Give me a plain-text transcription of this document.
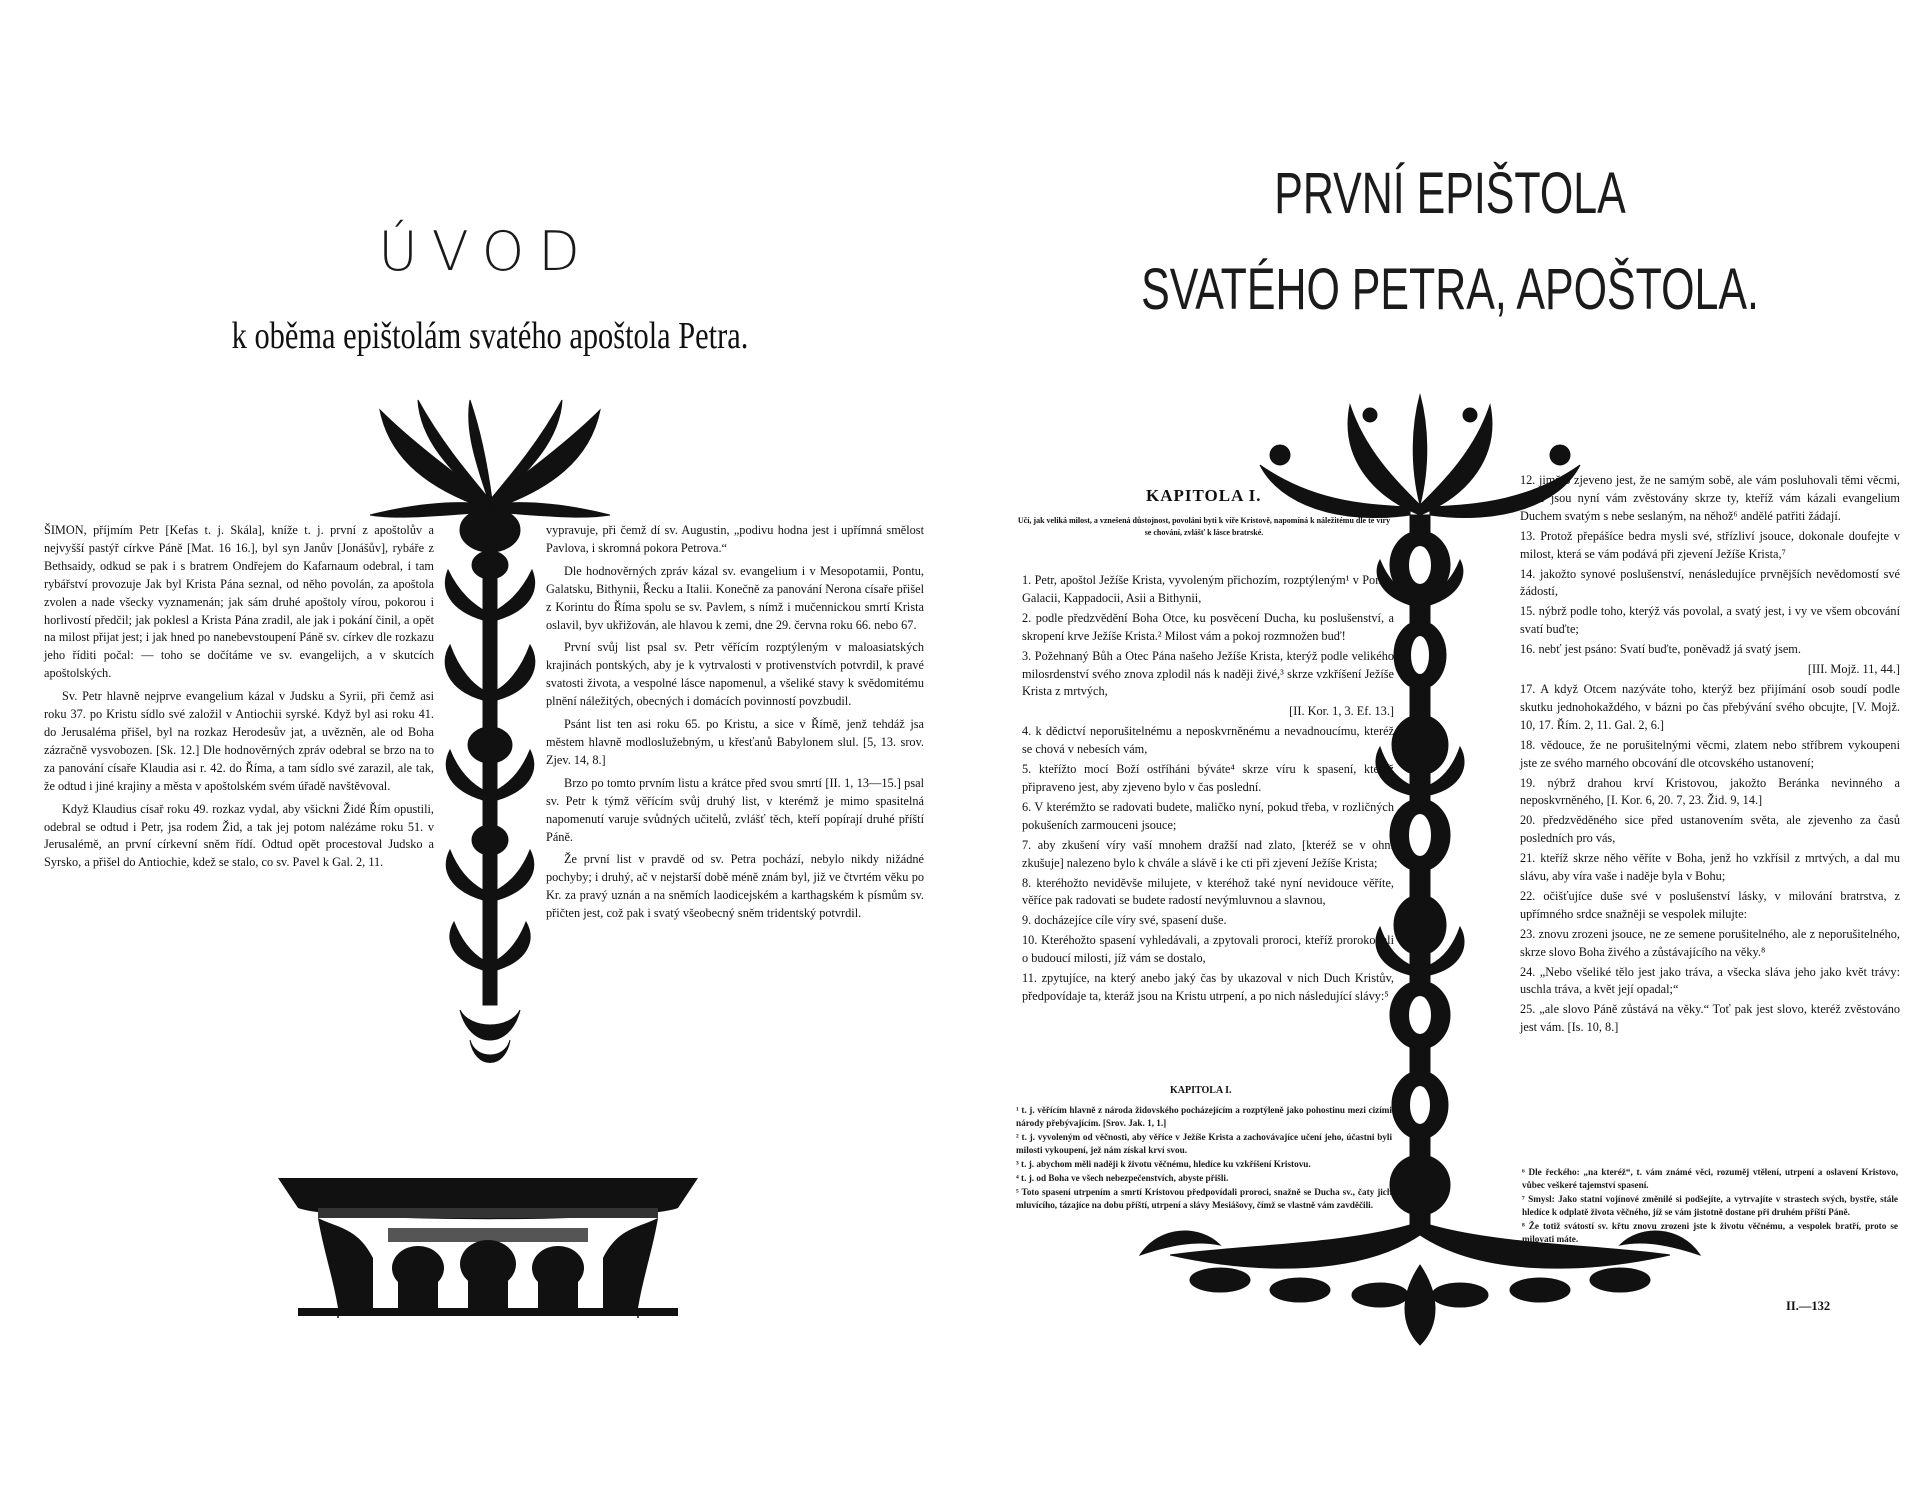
ÚVOD
k oběma epištolám svatého apoštola Petra.

ŠIMON, příjmím Petr [Kefas t. j. Skála], kníže t. j. první z apoštolův a nejvyšší pastýř církve Páně [Mat. 16 16.], byl syn Janův [Jonášův], rybáře z Bethsaidy, odkud se pak i s bratrem Ondřejem do Kafarnaum odebral, i tam rybářství provozuje Jak byl Krista Pána seznal, od něho povolán, za apoštola zvolen a nade všecky vyznamenán; jak sám druhé apoštoly vírou, pokorou i horlivostí předčil; jak poklesl a Krista Pána zradil, ale jak i pokání činil, a opět na milost přijat jest; i jak hned po nanebevstoupení Páně sv. církev dle rozkazu jeho říditi počal: — toho se dočítáme ve sv. evangelijch, a v skutcích apoštolských.

Sv. Petr hlavně nejprve evangelium kázal v Judsku a Syrii, při čemž asi roku 37. po Kristu sídlo své založil v Antiochii syrské. Když byl asi roku 41. do Jerusaléma přišel, byl na rozkaz Herodesův jat, a uvězněn, ale od Boha zázračně vysvobozen. [Sk. 12.] Dle hodnověrných zpráv odebral se brzo na to za panování císaře Klaudia asi r. 42. do Říma, a tam sídlo své zarazil, ale tak, že odtud i jiné krajiny a města v apoštolském svém úřadě navštěvoval.

Když Klaudius císař roku 49. rozkaz vydal, aby všickni Židé Řím opustili, odebral se odtud i Petr, jsa rodem Žid, a tak jej potom nalézáme roku 51. v Jerusalémě, an první církevní sněm řídí. Odtud opět procestoval Judsko a Syrsko, a přišel do Antiochie, kdež se stalo, co sv. Pavel k Gal. 2, 11.

vypravuje, při čemž dí sv. Augustin, „podivu hodna jest i upřímná smělost Pavlova, i skromná pokora Petrova.“

Dle hodnověrných zpráv kázal sv. evangelium i v Mesopotamii, Pontu, Galatsku, Bithynii, Řecku a Italii. Konečně za panování Nerona císaře přišel z Korintu do Říma spolu se sv. Pavlem, s nímž i mučennickou smrtí Krista oslavil, byv ukřižován, ale hlavou k zemi, dne 29. června roku 66. nebo 67.

První svůj list psal sv. Petr věřícím rozptýleným v maloasiatských krajinách pontských, aby je k vytrvalosti v protivenstvích potvrdil, k pravé svatosti života, a vespolné lásce napomenul, a všeliké stavy k svědomitému plnění náležitých, obecných i domácích povinností povzbudil.

Psánt list ten asi roku 65. po Kristu, a sice v Římě, jenž tehdáž jsa městem hlavně modloslužebným, u křesťanů Babylonem slul. [5, 13. srov. Zjev. 14, 8.]

Brzo po tomto prvním listu a krátce před svou smrtí [II. 1, 13—15.] psal sv. Petr k týmž věřícím svůj druhý list, v kterémž je mimo spasitelná napomenutí varuje svůdných učitelů, zvlášť těch, kteří popírají druhé příští Páně.

Že první list v pravdě od sv. Petra pochází, nebylo nikdy nižádné pochyby; i druhý, ač v nejstarší době méně znám byl, již ve čtvrtém věku po Kr. za pravý uznán a na sněmích laodicejském a karthagském k písmům sv. přičten jest, což pak i svatý všeobecný sněm tridentský potvrdil.

PRVNÍ EPIŠTOLA
SVATÉHO PETRA, APOŠTOLA.
KAPITOLA I.
Učí, jak veliká milost, a vznešená důstojnost, povoláni byti k víře Kristově, napomíná k náležitému dle té víry se chování, zvlášť k lásce bratrské.

1. Petr, apoštol Ježíše Krista, vyvoleným přichozím, rozptýleným¹ v Pontu, Galacii, Kappadocii, Asii a Bithynii,

2. podle předzvědění Boha Otce, ku posvěcení Ducha, ku poslušenství, a skropení krve Ježíše Krista.² Milost vám a pokoj rozmnožen buď!

3. Požehnaný Bůh a Otec Pána našeho Ježíše Krista, kterýž podle velikého milosrdenství svého znova zplodil nás k naději živé,³ skrze vzkříšení Ježíše Krista z mrtvých,

[II. Kor. 1, 3. Ef. 13.]

4. k dědictví neporušitelnému a neposkvrněnému a nevadnoucímu, kteréž se chová v nebesích vám,

5. kteřížto mocí Boží ostříháni býváte⁴ skrze víru k spasení, kteréž připraveno jest, aby zjeveno bylo v čas poslední.

6. V kterémžto se radovati budete, maličko nyní, pokud třeba, v rozličných pokušeních zarmouceni jsouce;

7. aby zkušení víry vaší mnohem dražší nad zlato, [kteréž se v ohni zkušuje] nalezeno bylo k chvále a slávě i ke cti při zjevení Ježíše Krista;

8. kteréhožto neviděvše milujete, v kteréhož také nyní nevidouce věříte, věříce pak radovati se budete radostí nevýmluvnou a slavnou,

9. docházejíce cíle víry své, spasení duše.

10. Kteréhožto spasení vyhledávali, a zpytovali proroci, kteříž prorokovali o budoucí milosti, jíž vám se dostalo,

11. zpytujíce, na který anebo jaký čas by ukazoval v nich Duch Kristův, předpovídaje ta, kteráž jsou na Kristu utrpení, a po nich následující slávy:⁵

12. jimžto zjeveno jest, že ne samým sobě, ale vám posluhovali těmi věcmi, které jsou nyní vám zvěstovány skrze ty, kteříž vám kázali evangelium Duchem svatým s nebe seslaným, na něhož⁶ andělé patřiti žádají.

13. Protož přepášíce bedra mysli své, střízliví jsouce, dokonale doufejte v milost, která se vám podává při zjevení Ježíše Krista,⁷

14. jakožto synové poslušenství, nenásledujíce prvnějších nevědomostí své žádostí,

15. nýbrž podle toho, kterýž vás povolal, a svatý jest, i vy ve všem obcování svatí buďte;

16. nebť jest psáno: Svatí buďte, poněvadž já svatý jsem.

[III. Mojž. 11, 44.]

17. A když Otcem nazýváte toho, kterýž bez přijímání osob soudí podle skutku jednohokaždého, v bázni po čas přebývání svého obcujte, [V. Mojž. 10, 17. Řím. 2, 11. Gal. 2, 6.]

18. vědouce, že ne porušitelnými věcmi, zlatem nebo stříbrem vykoupeni jste ze svého marného obcování dle otcovského ustanovení;

19. nýbrž drahou krví Kristovou, jakožto Beránka nevinného a neposkvrněného, [I. Kor. 6, 20. 7, 23. Žid. 9, 14.]

20. předzvěděného sice před ustanovením světa, ale zjevenho za časů posledních pro vás,

21. kteříž skrze něho věříte v Boha, jenž ho vzkřísil z mrtvých, a dal mu slávu, aby víra vaše i naděje byla v Bohu;

22. očišťujíce duše své v poslušenství lásky, v milování bratrstva, z upřímného srdce snažněji se vespolek milujte:

23. znovu zrozeni jsouce, ne ze semene porušitelného, ale z neporušitelného, skrze slovo Boha živého a zůstávajícího na věky.⁸

24. „Nebo všeliké tělo jest jako tráva, a všecka sláva jeho jako květ trávy: uschla tráva, a květ její opadal;“

25. „ale slovo Páně zůstává na věky.“ Toť pak jest slovo, kteréž zvěstováno jest vám. [Is. 10, 8.]

KAPITOLA I.

¹ t. j. věřícím hlavně z národa židovského pocházejícím a rozptýleně jako pohostinu mezi cizími národy přebývajícím. [Srov. Jak. 1, 1.]

² t. j. vyvoleným od věčnosti, aby věříce v Ježíše Krista a zachovávajíce učení jeho, účastni byli milosti vykoupení, jež nám získal krví svou.

³ t. j. abychom měli naději k životu věčnému, hledíce ku vzkříšení Kristovu.

⁴ t. j. od Boha ve všech nebezpečenstvích, abyste přišli.

⁵ Toto spasení utrpením a smrtí Kristovou předpovídali proroci, snažně se Ducha sv., čaty jich mluvícího, tázajíce na dobu příští, utrpení a slávy Mesiášovy, čímž se vlastně vám zavděčili.

⁶ Dle řeckého: „na kteréž“, t. vám známé věci, rozuměj vtělení, utrpení a oslavení Kristovo, vůbec veškeré tajemství spasení.

⁷ Smysl: Jako statni vojínové změnilé si podšejíte, a vytrvajíte v strastech svých, bystře, stále hledíce k odplatě života věčného, jíž se vám jistotně dostane při druhém příští Páně.

⁸ Že totiž svátostí sv. křtu znovu zrozeni jste k životu věčnému, a vespolek bratří, proto se milovati máte.

II.—132
